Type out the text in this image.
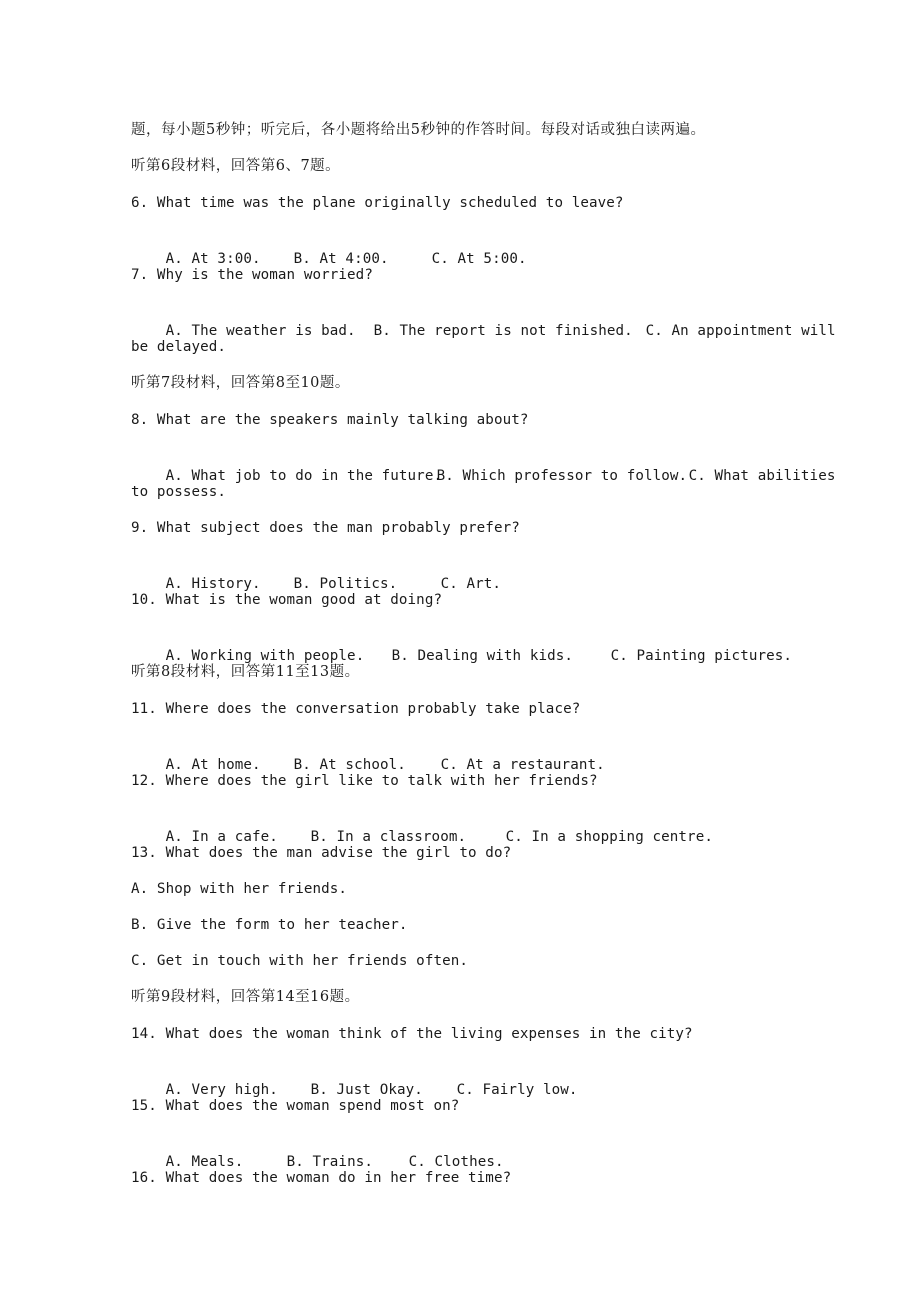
题，每小题5秒钟；听完后，各小题将给出5秒钟的作答时间。每段对话或独白读两遍。
听第6段材料，回答第6、7题。
6. What time was the plane originally scheduled to leave?

A. At 3:00. B. At 4:00.	C. At 5:00.

7. Why is the woman worried?

A. The weather is bad. B. The report is not finished. C. An appointment will

be delayed.
听第7段材料，回答第8至10题。
8. What are the speakers mainly talking about?

A. What job to do in the future.B. Which professor to follow.C. What abilities

to possess.
9. What subject does the man probably prefer?

A. History. B. Politics.	C. Art.

10. What is the woman good at doing?

A. Working with people. B. Dealing with kids.	C. Painting pictures.

听第8段材料，回答第11至13题。
11. Where does the conversation probably take place?

A. At home. B. At school. C. At a restaurant.

12. Where does the girl like to talk with her friends?

A. In a cafe. B. In a classroom.	C. In a shopping centre.

13. What does the man advise the girl to do?
A. Shop with her friends.
B. Give the form to her teacher.
C. Get in touch with her friends often.
听第9段材料，回答第14至16题。
14. What does the woman think of the living expenses in the city?

A. Very high. B. Just Okay. C. Fairly low.

15. What does the woman spend most on?

A. Meals.	B. Trains.	C. Clothes.

16. What does the woman do in her free time?
